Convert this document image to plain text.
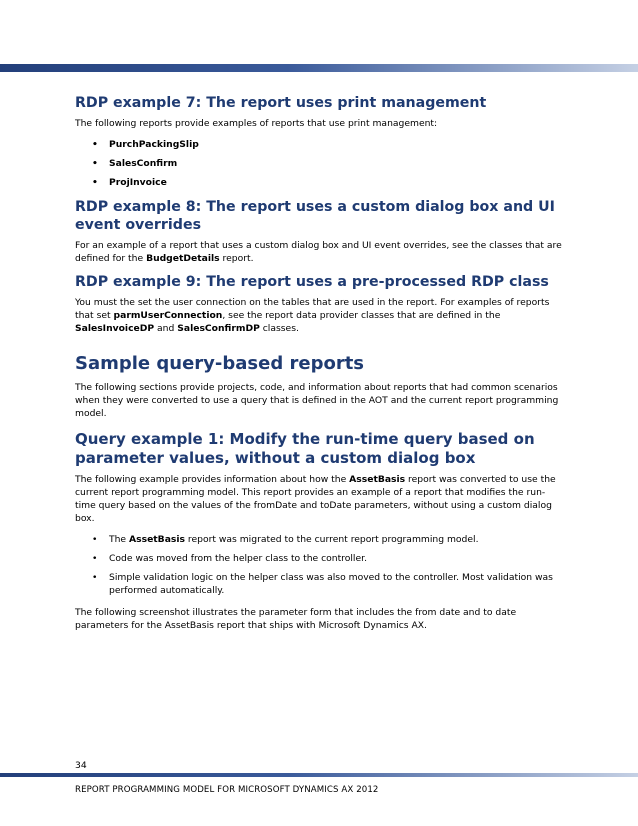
RDP example 7: The report uses print management

The following reports provide examples of reports that use print management:

• PurchPackingSlip
• SalesConfirm
• ProjInvoice
RDP example 8: The report uses a custom dialog box and UI event overrides

For an example of a report that uses a custom dialog box and UI event overrides, see the classes that are defined for the BudgetDetails report.

RDP example 9: The report uses a pre-processed RDP class

You must the set the user connection on the tables that are used in the report. For examples of reports that set parmUserConnection, see the report data provider classes that are defined in the SalesInvoiceDP and SalesConfirmDP classes.

Sample query-based reports

The following sections provide projects, code, and information about reports that had common scenarios when they were converted to use a query that is defined in the AOT and the current report programming model.

Query example 1: Modify the run-time query based on parameter values, without a custom dialog box

The following example provides information about how the AssetBasis report was converted to use the current report programming model. This report provides an example of a report that modifies the run-time query based on the values of the fromDate and toDate parameters, without using a custom dialog box.

• The AssetBasis report was migrated to the current report programming model.
• Code was moved from the helper class to the controller.
• Simple validation logic on the helper class was also moved to the controller. Most validation was performed automatically.

The following screenshot illustrates the parameter form that includes the from date and to date parameters for the AssetBasis report that ships with Microsoft Dynamics AX.

34
REPORT PROGRAMMING MODEL FOR MICROSOFT DYNAMICS AX 2012
